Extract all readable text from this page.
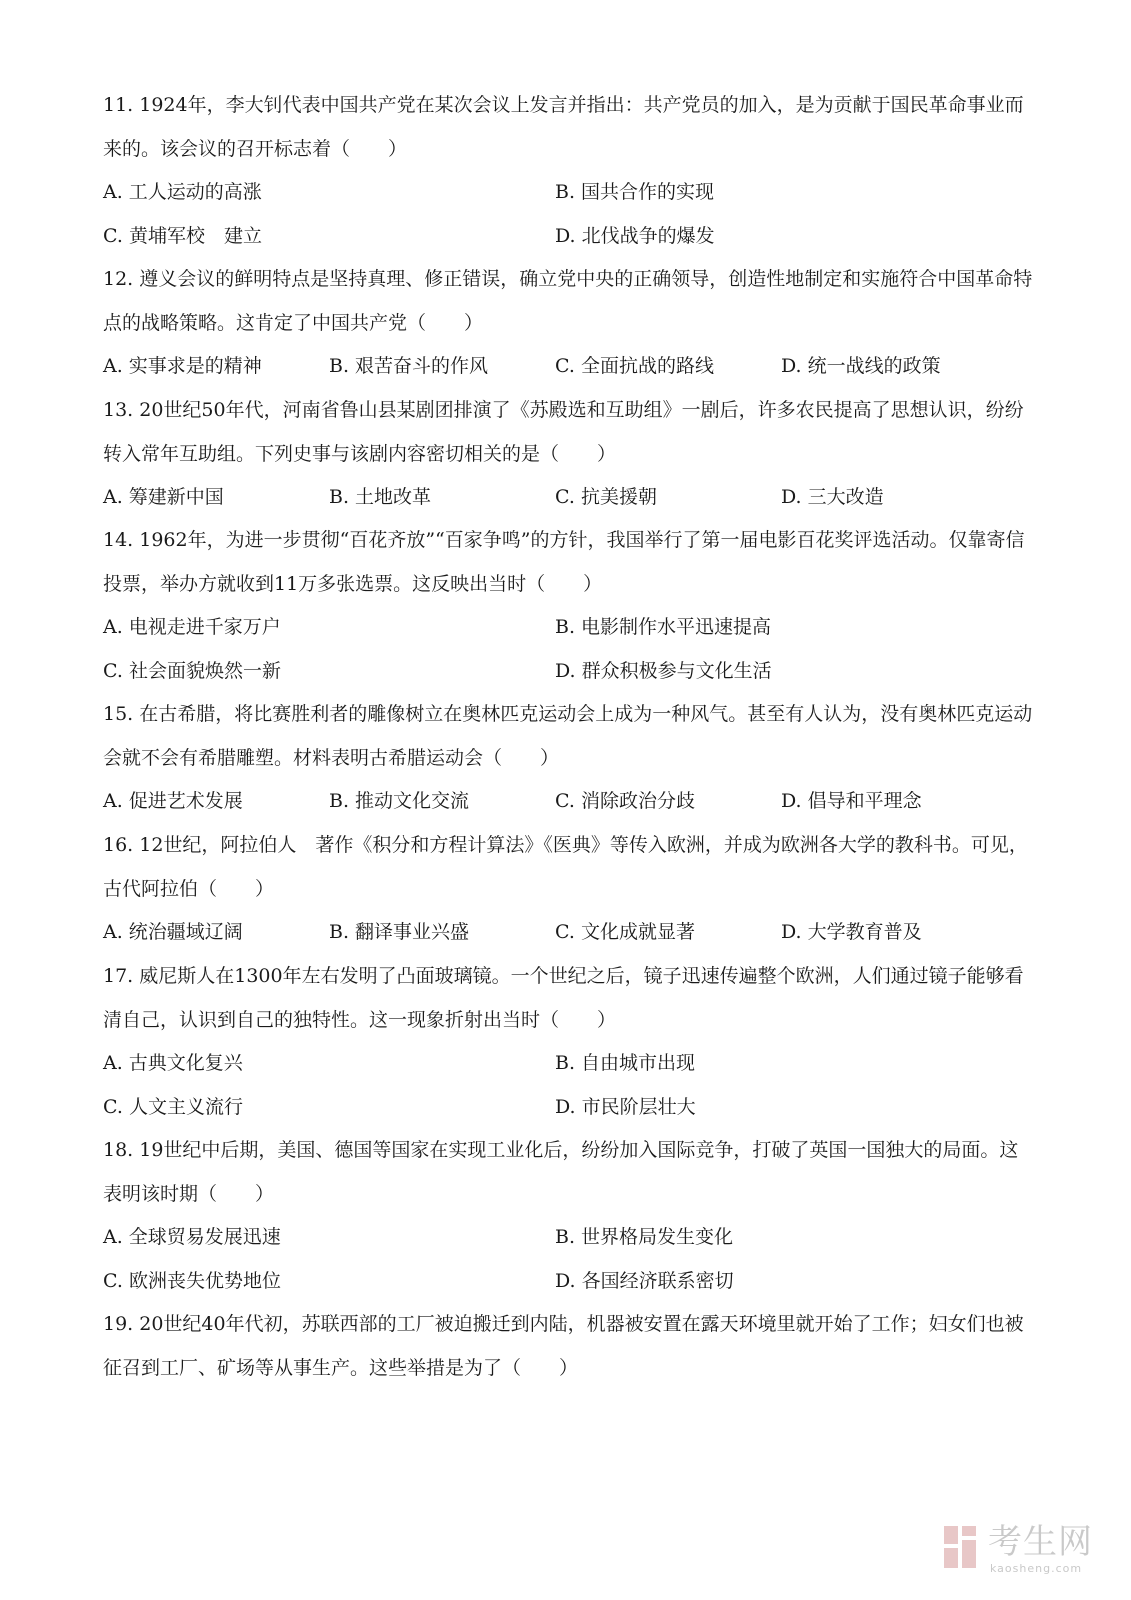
11. 1924年，李大钊代表中国共产党在某次会议上发言并指出：共产党员的加入，是为贡献于国民革命事业而来的。该会议的召开标志着（　　）

A. 工人运动的高涨	B. 国共合作的实现
C. 黄埔军校　建立	D. 北伐战争的爆发

12. 遵义会议的鲜明特点是坚持真理、修正错误，确立党中央的正确领导，创造性地制定和实施符合中国革命特点的战略策略。这肯定了中国共产党（　　）

A. 实事求是的精神	B. 艰苦奋斗的作风	C. 全面抗战的路线	D. 统一战线的政策

13. 20世纪50年代，河南省鲁山县某剧团排演了《苏殿选和互助组》一剧后，许多农民提高了思想认识，纷纷转入常年互助组。下列史事与该剧内容密切相关的是（　　）

A. 筹建新中国	B. 土地改革	C. 抗美援朝	D. 三大改造

14. 1962年，为进一步贯彻“百花齐放”“百家争鸣”的方针，我国举行了第一届电影百花奖评选活动。仅靠寄信投票，举办方就收到11万多张选票。这反映出当时（　　）

A. 电视走进千家万户	B. 电影制作水平迅速提高
C. 社会面貌焕然一新	D. 群众积极参与文化生活

15. 在古希腊，将比赛胜利者的雕像树立在奥林匹克运动会上成为一种风气。甚至有人认为，没有奥林匹克运动会就不会有希腊雕塑。材料表明古希腊运动会（　　）

A. 促进艺术发展	B. 推动文化交流	C. 消除政治分歧	D. 倡导和平理念

16. 12世纪，阿拉伯人　著作《积分和方程计算法》《医典》等传入欧洲，并成为欧洲各大学的教科书。可见，古代阿拉伯（　　）

A. 统治疆域辽阔	B. 翻译事业兴盛	C. 文化成就显著	D. 大学教育普及

17. 威尼斯人在1300年左右发明了凸面玻璃镜。一个世纪之后，镜子迅速传遍整个欧洲，人们通过镜子能够看清自己，认识到自己的独特性。这一现象折射出当时（　　）

A. 古典文化复兴	B. 自由城市出现
C. 人文主义流行	D. 市民阶层壮大

18. 19世纪中后期，美国、德国等国家在实现工业化后，纷纷加入国际竞争，打破了英国一国独大的局面。这表明该时期（　　）

A. 全球贸易发展迅速	B. 世界格局发生变化
C. 欧洲丧失优势地位	D. 各国经济联系密切

19. 20世纪40年代初，苏联西部的工厂被迫搬迁到内陆，机器被安置在露天环境里就开始了工作；妇女们也被征召到工厂、矿场等从事生产。这些举措是为了（　　）

考生网
kaosheng.com
